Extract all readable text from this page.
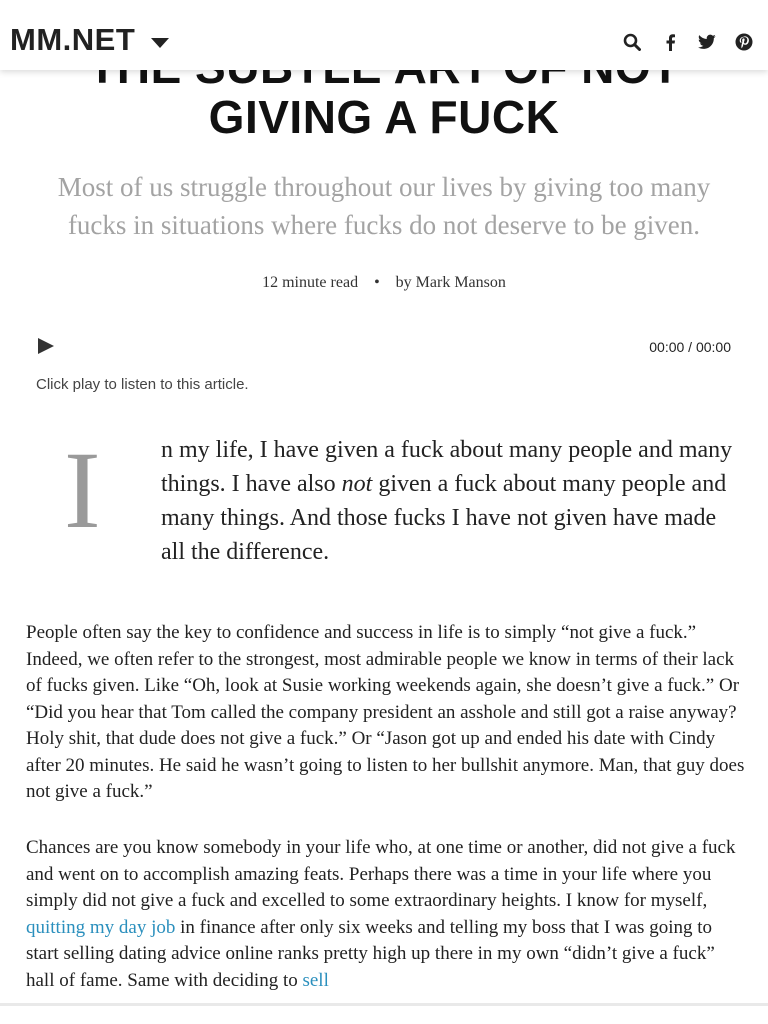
GIVING A FUCK
MM.NET

Most of us struggle throughout our lives by giving too many fucks in situations where fucks do not deserve to be given.

12 minute read • by Mark Manson
00:00 / 00:00

Click play to listen to this article.

I	n my life, I have given a fuck about many people and many things. I have also not given a fuck about many people and many things. And those fucks I have not given have made all the difference.

People often say the key to confidence and success in life is to simply “not give a fuck.” Indeed, we often refer to the strongest, most admirable people we know in terms of their lack of fucks given. Like “Oh, look at Susie working weekends again, she doesn’t give a fuck.” Or “Did you hear that Tom called the company president an asshole and still got a raise anyway? Holy shit, that dude does not give a fuck.” Or “Jason got up and ended his date with Cindy after 20 minutes. He said he wasn’t going to listen to her bullshit anymore. Man, that guy does not give a fuck.”

Chances are you know somebody in your life who, at one time or another, did not give a fuck and went on to accomplish amazing feats. Perhaps there was a time in your life where you simply did not give a fuck and excelled to some extraordinary heights. I know for myself, quitting my day job in finance after only six weeks and telling my boss that I was going to start selling dating advice online ranks pretty high up there in my own “didn’t give a fuck” hall of fame. Same with deciding to sell
